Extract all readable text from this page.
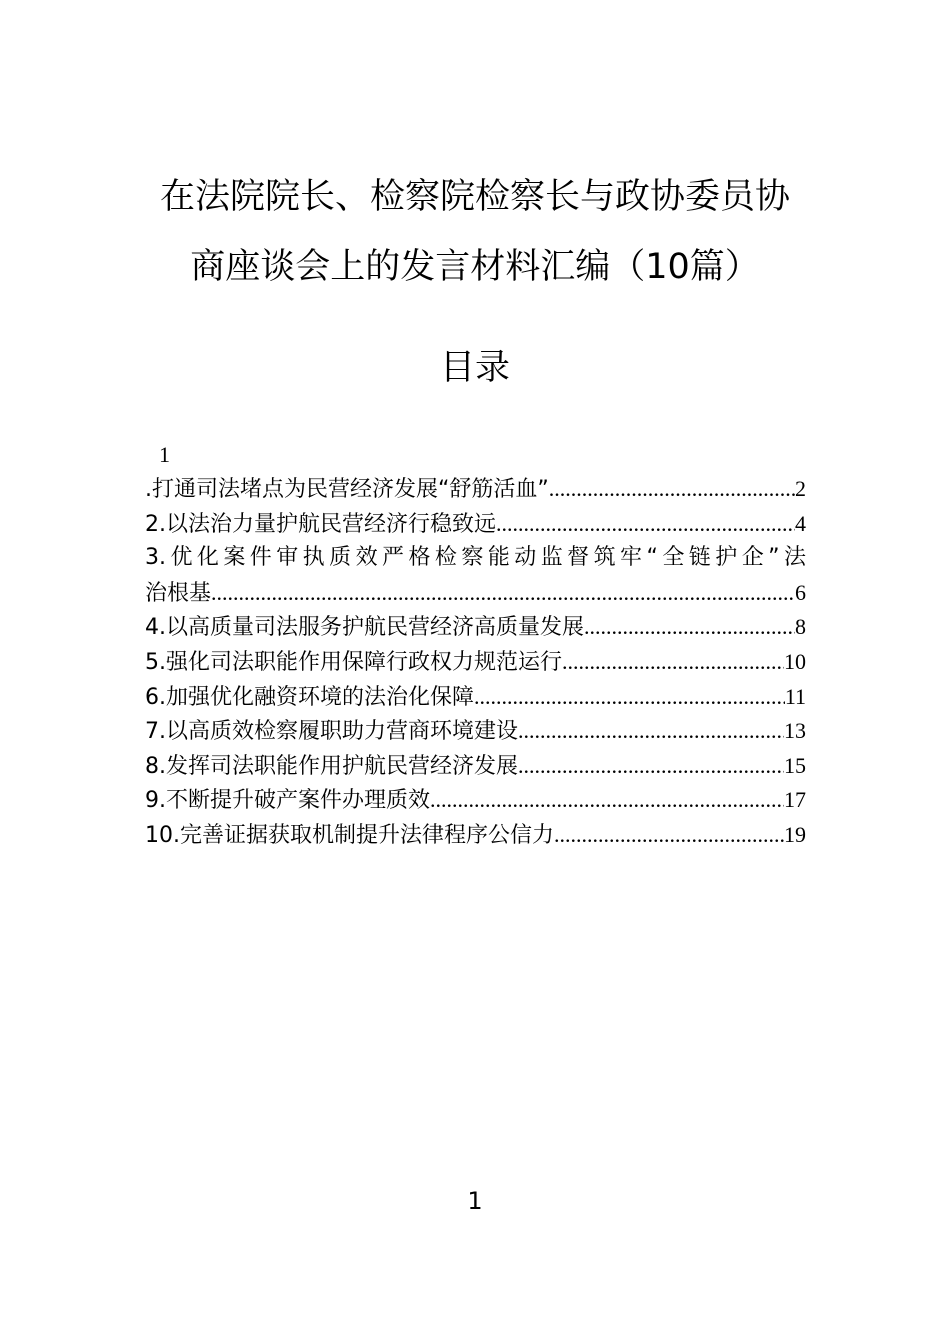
在法院院长、检察院检察长与政协委员协
商座谈会上的发言材料汇编（10篇）
目录
1
.打通司法堵点为民营经济发展“舒筋活血” .....	2
2.以法治力量护航民营经济行稳致远 .....	4
3.优化案件审执质效严格检察能动监督筑牢“全链护企”法
治根基 .....	6
4.以高质量司法服务护航民营经济高质量发展 .....	8
5.强化司法职能作用保障行政权力规范运行 .....	10
6.加强优化融资环境的法治化保障 .....	11
7.以高质效检察履职助力营商环境建设 .....	13
8.发挥司法职能作用护航民营经济发展 .....	15
9.不断提升破产案件办理质效 .....	17
10.完善证据获取机制提升法律程序公信力 .....	19
1
